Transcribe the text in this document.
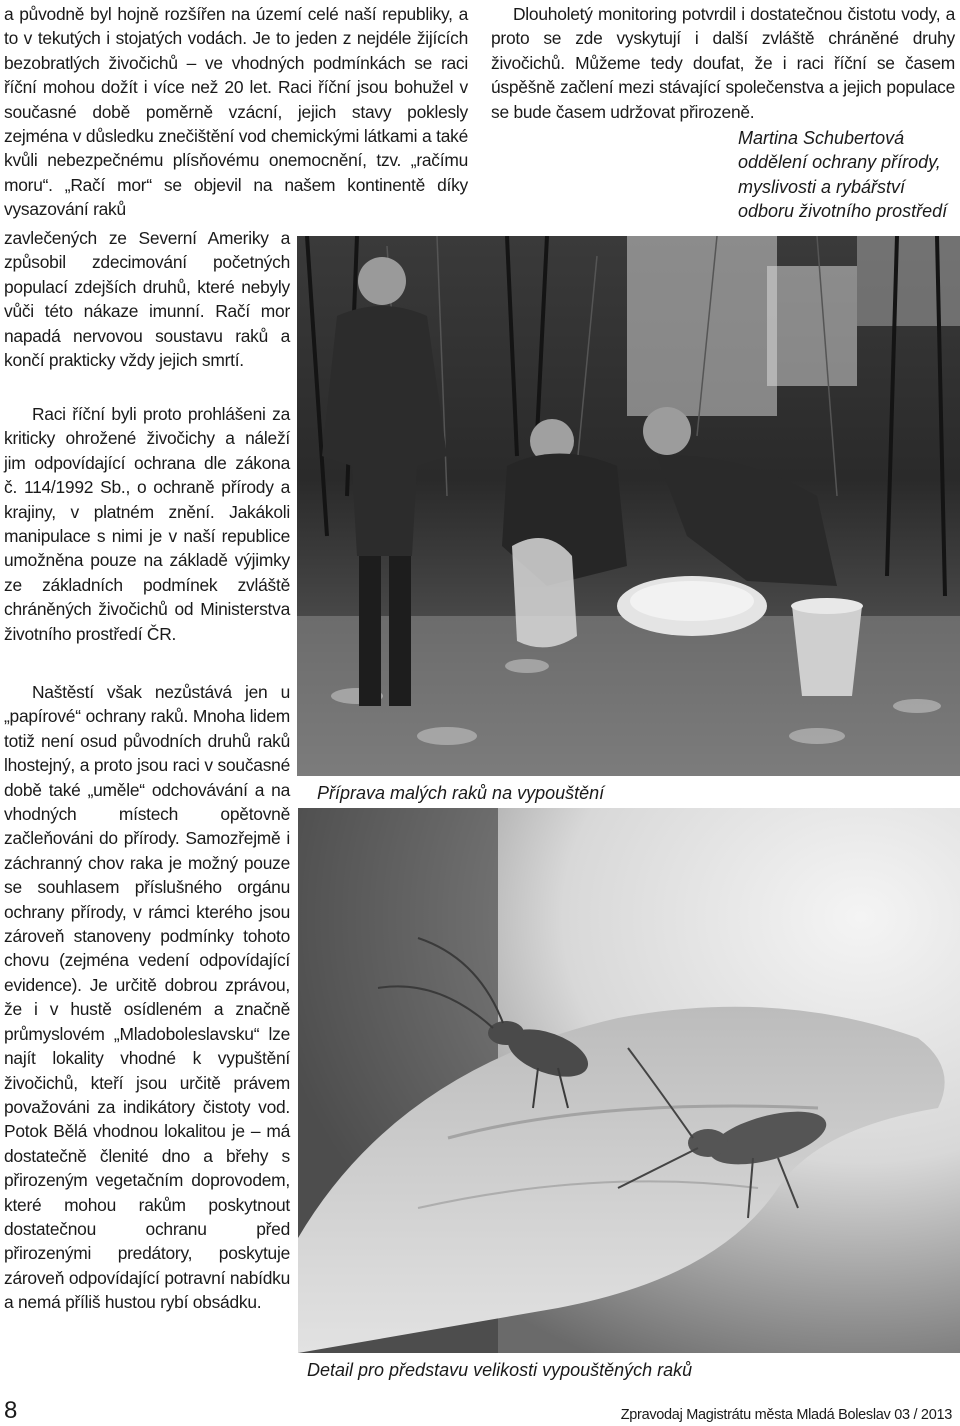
a původně byl hojně rozšířen na území celé naší republiky, a to v tekutých i stojatých vodách. Je to jeden z nejdéle žijících bezobratlých živočichů – ve vhodných podmínkách se raci říční mohou dožít i více než 20 let. Raci říční jsou bohužel v současné době poměrně vzácní, jejich stavy poklesly zejména v důsledku znečištění vod chemickými látkami a také kvůli nebezpečnému plísňovému onemocnění, tzv. „račímu moru“. „Račí mor“ se objevil na našem kontinentě díky vysazování raků

zavlečených ze Severní Ameriky a způsobil zdecimování početných populací zdejších druhů, které nebyly vůči této nákaze imunní. Račí mor napadá nervovou soustavu raků a končí prakticky vždy jejich smrtí.

Raci říční byli proto prohlášeni za kriticky ohrožené živočichy a náleží jim odpovídající ochrana dle zákona č. 114/1992 Sb., o ochraně přírody a krajiny, v platném znění. Jakákoli manipulace s nimi je v naší republice umožněna pouze na základě výjimky ze základních podmínek zvláště chráněných živočichů od Ministerstva životního prostředí ČR.

Naštěstí však nezůstává jen u „papírové“ ochrany raků. Mnoha lidem totiž není osud původních druhů raků lhostejný, a proto jsou raci v současné době také „uměle“ odchovávání a na vhodných místech opětovně začleňováni do přírody. Samozřejmě i záchranný chov raka je možný pouze se souhlasem příslušného orgánu ochrany přírody, v rámci kterého jsou zároveň stanoveny podmínky tohoto chovu (zejména vedení odpovídající evidence). Je určitě dobrou zprávou, že i v hustě osídleném a značně průmyslovém „Mladoboleslavsku“ lze najít lokality vhodné k vypuštění živočichů, kteří jsou určitě právem považováni za indikátory čistoty vod. Potok Bělá vhodnou lokalitou je – má dostatečně členité dno a břehy s přirozeným vegetačním doprovodem, které mohou rakům poskytnout dostatečnou ochranu před přirozenými predátory, poskytuje zároveň odpovídající potravní nabídku a nemá příliš hustou rybí obsádku.

Dlouholetý monitoring potvrdil i dostatečnou čistotu vody, a proto se zde vyskytují i další zvláště chráněné druhy živočichů. Můžeme tedy doufat, že i raci říční se časem úspěšně začlení mezi stávající společenstva a jejich populace se bude časem udržovat přirozeně.

Martina Schubertová
oddělení ochrany přírody,
myslivosti a rybářství
odboru životního prostředí

Příprava malých raků na vypouštění

Detail pro představu velikosti vypouštěných raků

8	Zpravodaj Magistrátu města Mladá Boleslav 03 / 2013
